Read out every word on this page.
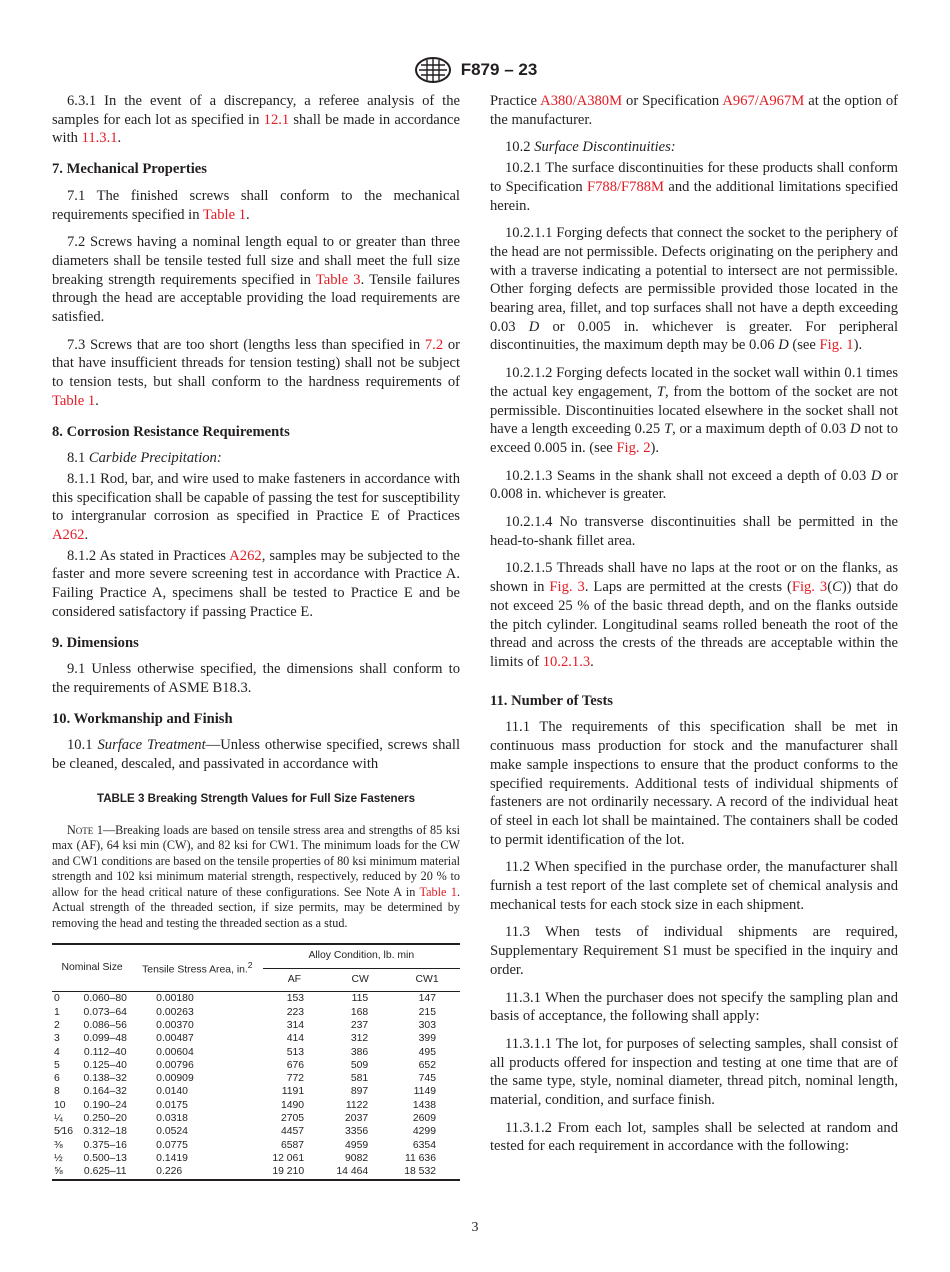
F879 – 23

6.3.1 In the event of a discrepancy, a referee analysis of the samples for each lot as specified in 12.1 shall be made in accordance with 11.3.1.

7. Mechanical Properties

7.1 The finished screws shall conform to the mechanical requirements specified in Table 1.

7.2 Screws having a nominal length equal to or greater than three diameters shall be tensile tested full size and shall meet the full size breaking strength requirements specified in Table 3. Tensile failures through the head are acceptable providing the load requirements are satisfied.

7.3 Screws that are too short (lengths less than specified in 7.2 or that have insufficient threads for tension testing) shall not be subject to tension tests, but shall conform to the hardness requirements of Table 1.

8. Corrosion Resistance Requirements

8.1 Carbide Precipitation:

8.1.1 Rod, bar, and wire used to make fasteners in accordance with this specification shall be capable of passing the test for susceptibility to intergranular corrosion as specified in Practice E of Practices A262.

8.1.2 As stated in Practices A262, samples may be subjected to the faster and more severe screening test in accordance with Practice A. Failing Practice A, specimens shall be tested to Practice E and be considered satisfactory if passing Practice E.

9. Dimensions

9.1 Unless otherwise specified, the dimensions shall conform to the requirements of ASME B18.3.

10. Workmanship and Finish

10.1 Surface Treatment—Unless otherwise specified, screws shall be cleaned, descaled, and passivated in accordance with

TABLE 3 Breaking Strength Values for Full Size Fasteners
Note 1—Breaking loads are based on tensile stress area and strengths of 85 ksi max (AF), 64 ksi min (CW), and 82 ksi for CW1. The minimum loads for the CW and CW1 conditions are based on the tensile properties of 80 ksi minimum material strength and 102 ksi minimum material strength, respectively, reduced by 20 % to allow for the head critical nature of these configurations. See Note A in Table 1. Actual strength of the threaded section, if size permits, may be determined by removing the head and testing the threaded section as a stud.
Nominal Size		Tensile Stress Area, in.$^2$	Alloy Condition, lb. min		
			AF	CW	CW1
0	0.060–80	0.00180	153	115	147
1	0.073–64	0.00263	223	168	215
2	0.086–56	0.00370	314	237	303
3	0.099–48	0.00487	414	312	399
4	0.112–40	0.00604	513	386	495
5	0.125–40	0.00796	676	509	652
6	0.138–32	0.00909	772	581	745
8	0.164–32	0.0140	1191	897	1149
10	0.190–24	0.0175	1490	1122	1438
¼	0.250–20	0.0318	2705	2037	2609
5⁄16	0.312–18	0.0524	4457	3356	4299
⅜	0.375–16	0.0775	6587	4959	6354
½	0.500–13	0.1419	12 061	9082	11 636
⅝	0.625–11	0.226	19 210	14 464	18 532

Practice A380/A380M or Specification A967/A967M at the option of the manufacturer.

10.2 Surface Discontinuities:

10.2.1 The surface discontinuities for these products shall conform to Specification F788/F788M and the additional limitations specified herein.

10.2.1.1 Forging defects that connect the socket to the periphery of the head are not permissible. Defects originating on the periphery and with a traverse indicating a potential to intersect are not permissible. Other forging defects are permissible provided those located in the bearing area, fillet, and top surfaces shall not have a depth exceeding 0.03 D or 0.005 in. whichever is greater. For peripheral discontinuities, the maximum depth may be 0.06 D (see Fig. 1).

10.2.1.2 Forging defects located in the socket wall within 0.1 times the actual key engagement, T, from the bottom of the socket are not permissible. Discontinuities located elsewhere in the socket shall not have a length exceeding 0.25 T, or a maximum depth of 0.03 D not to exceed 0.005 in. (see Fig. 2).

10.2.1.3 Seams in the shank shall not exceed a depth of 0.03 D or 0.008 in. whichever is greater.

10.2.1.4 No transverse discontinuities shall be permitted in the head-to-shank fillet area.

10.2.1.5 Threads shall have no laps at the root or on the flanks, as shown in Fig. 3. Laps are permitted at the crests (Fig. 3(C)) that do not exceed 25 % of the basic thread depth, and on the flanks outside the pitch cylinder. Longitudinal seams rolled beneath the root of the thread and across the crests of the threads are acceptable within the limits of 10.2.1.3.

11. Number of Tests

11.1 The requirements of this specification shall be met in continuous mass production for stock and the manufacturer shall make sample inspections to ensure that the product conforms to the specified requirements. Additional tests of individual shipments of fasteners are not ordinarily necessary. A record of the individual heat of steel in each lot shall be maintained. The containers shall be coded to permit identification of the lot.

11.2 When specified in the purchase order, the manufacturer shall furnish a test report of the last complete set of chemical analysis and mechanical tests for each stock size in each shipment.

11.3 When tests of individual shipments are required, Supplementary Requirement S1 must be specified in the inquiry and order.

11.3.1 When the purchaser does not specify the sampling plan and basis of acceptance, the following shall apply:

11.3.1.1 The lot, for purposes of selecting samples, shall consist of all products offered for inspection and testing at one time that are of the same type, style, nominal diameter, thread pitch, nominal length, material, condition, and surface finish.

11.3.1.2 From each lot, samples shall be selected at random and tested for each requirement in accordance with the following:

3
